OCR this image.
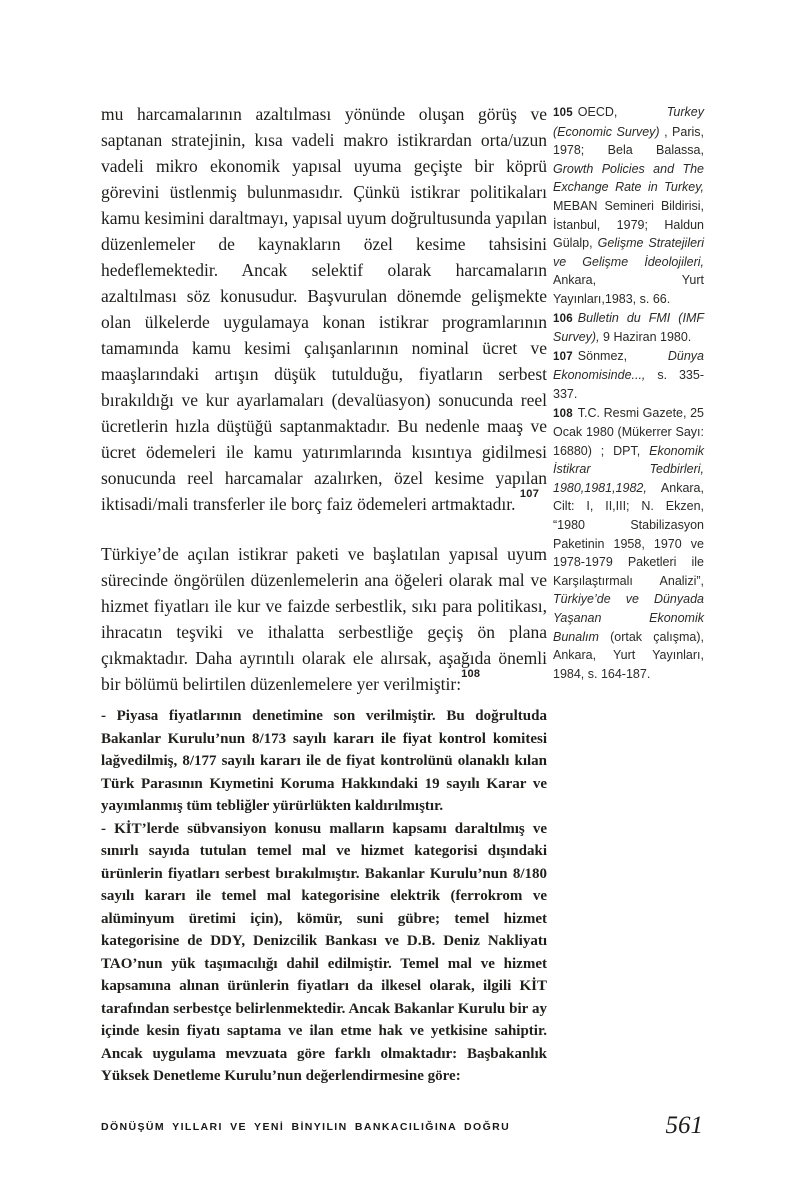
mu harcamalarının azaltılması yönünde oluşan görüş ve saptanan stratejinin, kısa vadeli makro istikrardan orta/uzun vadeli mikro ekonomik yapısal uyuma geçişte bir köprü görevini üstlenmiş bulunmasıdır. Çünkü istikrar politikaları kamu kesimini daraltmayı, yapısal uyum doğrultusunda yapılan düzenlemeler de kaynakların özel kesime tahsisini hedeflemektedir. Ancak selektif olarak harcamaların azaltılması söz konusudur. Başvurulan dönemde gelişmekte olan ülkelerde uygulamaya konan istikrar programlarının tamamında kamu kesimi çalışanlarının nominal ücret ve maaşlarındaki artışın düşük tutulduğu, fiyatların serbest bırakıldığı ve kur ayarlamaları (devalüasyon) sonucunda reel ücretlerin hızla düştüğü saptanmaktadır. Bu nedenle maaş ve ücret ödemeleri ile kamu yatırımlarında kısıntıya gidilmesi sonucunda reel harcamalar azalırken, özel kesime yapılan iktisadi/mali transferler ile borç faiz ödemeleri artmaktadır. $^{107}$

Türkiye’de açılan istikrar paketi ve başlatılan yapısal uyum sürecinde öngörülen düzenlemelerin ana öğeleri olarak mal ve hizmet fiyatları ile kur ve faizde serbestlik, sıkı para politikası, ihracatın teşviki ve ithalatta serbestliğe geçiş ön plana çıkmaktadır. Daha ayrıntılı olarak ele alırsak, aşağıda önemli bir bölümü belirtilen düzenlemelere yer verilmiştir:$^{108}$

- Piyasa fiyatlarının denetimine son verilmiştir. Bu doğrultuda Bakanlar Kurulu’nun 8/173 sayılı kararı ile fiyat kontrol komitesi lağvedilmiş, 8/177 sayılı kararı ile de fiyat kontrolünü olanaklı kılan Türk Parasının Kıymetini Koruma Hakkındaki 19 sayılı Karar ve yayımlanmış tüm tebliğler yürürlükten kaldırılmıştır.

- KİT’lerde sübvansiyon konusu malların kapsamı daraltılmış ve sınırlı sayıda tutulan temel mal ve hizmet kategorisi dışındaki ürünlerin fiyatları serbest bırakılmıştır. Bakanlar Kurulu’nun 8/180 sayılı kararı ile temel mal kategorisine elektrik (ferrokrom ve alüminyum üretimi için), kömür, suni gübre; temel hizmet kategorisine de DDY, Denizcilik Bankası ve D.B. Deniz Nakliyatı TAO’nun yük taşımacılığı dahil edilmiştir. Temel mal ve hizmet kapsamına alınan ürünlerin fiyatları da ilkesel olarak, ilgili KİT tarafından serbestçe belirlenmektedir. Ancak Bakanlar Kurulu bir ay içinde kesin fiyatı saptama ve ilan etme hak ve yetkisine sahiptir. Ancak uygulama mevzuata göre farklı olmaktadır: Başbakanlık Yüksek Denetleme Kurulu’nun değerlendirmesine göre:

105 OECD, Turkey (Economic Survey) , Paris, 1978; Bela Balassa, Growth Policies and The Exchange Rate in Turkey, MEBAN Semineri Bildirisi, İstanbul, 1979; Haldun Gülalp, Gelişme Stratejileri ve Gelişme İdeolojileri, Ankara, Yurt Yayınları,1983, s. 66.
106 Bulletin du FMI (IMF Survey), 9 Haziran 1980.
107 Sönmez, Dünya Ekonomisinde..., s. 335-337.
108 T.C. Resmi Gazete, 25 Ocak 1980 (Mükerrer Sayı: 16880) ; DPT, Ekonomik İstikrar Tedbirleri, 1980,1981,1982, Ankara, Cilt: I, II,III; N. Ekzen, “1980 Stabilizasyon Paketinin 1958, 1970 ve 1978-1979 Paketleri ile Karşılaştırmalı Analizi”, Türkiye’de ve Dünyada Yaşanan Ekonomik Bunalım (ortak çalışma), Ankara, Yurt Yayınları, 1984, s. 164-187.
DÖNÜŞÜM YILLARI VE YENİ BİNYILIN BANKACILIĞINA DOĞRU	561
